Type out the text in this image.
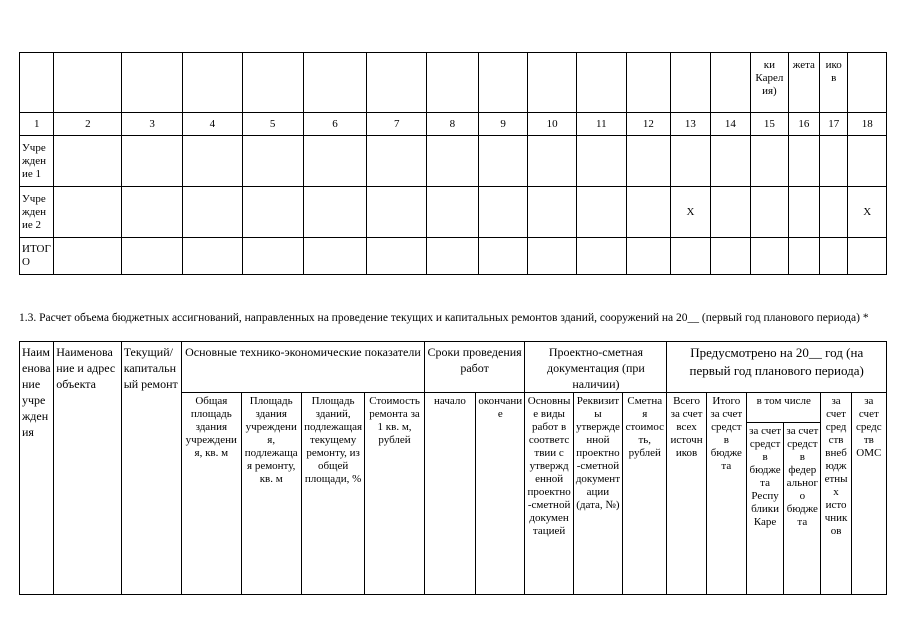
														ки Карелия)	жета	ико в	
1	2	3	4	5	6	7	8	9	10	11	12	13	14	15	16	17	18
Учреждение 1																	
Учреждение 2												X					X
ИТОГО																	

1.3. Расчет объема бюджетных ассигнований, направленных на проведение текущих и капитальных ремонтов зданий, сооружений на 20__ (первый год планового периода) *

Наименование учреждения	Наименование и адрес объекта	Текущий/ капитальный ремонт	Основные технико-экономические показатели				Сроки проведения работ		Проектно-сметная документация (при наличии)			Предусмотрено на 20__ год (на первый год планового периода)					
			Общая площадь здания учреждения, кв. м	Площадь здания учреждения, подлежащая ремонту, кв. м	Площадь зданий, подлежащая текущему ремонту, из общей площади, %	Стоимость ремонта за 1 кв. м, рублей	начало	окончание	Основные виды работ в соответствии с утвержденной проектно-сметной документацией	Реквизиты утвержденной проектно-сметной документации (дата, №)	Сметная стоимость, рублей	Всего за счет всех источников	Итого за счет средств бюджета	в том числе		за счет средств внебюджетных источников	за счет средств ОМС
														за счет средств бюджета Республики Каре	за счет средств федерального бюджета		
